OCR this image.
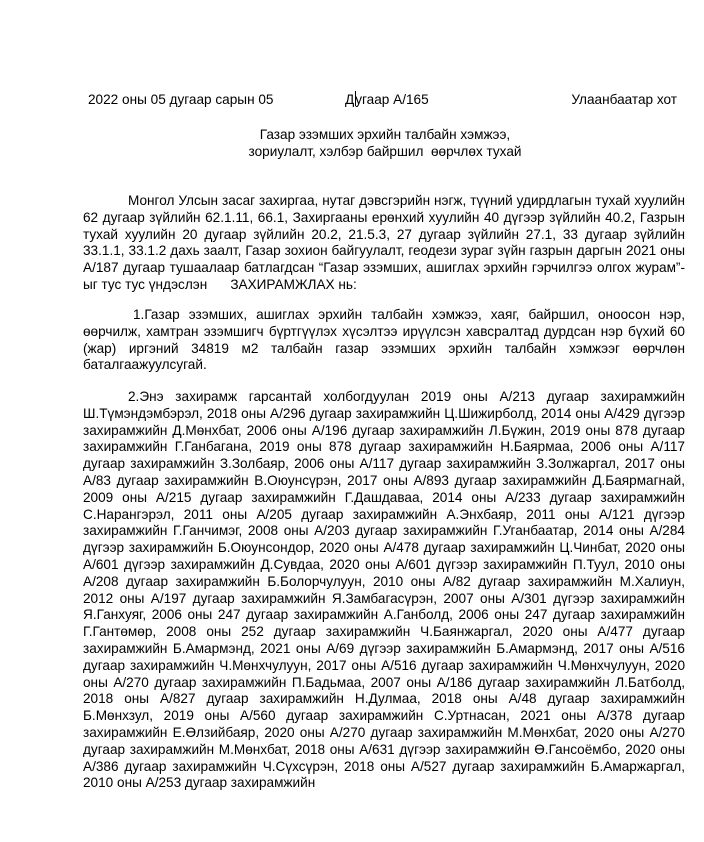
2022 оны 05 дугаар сарын 05	Дугаар А/165	Улаанбаатар хот
Газар эзэмших эрхийн талбайн хэмжээ,
зориулалт, хэлбэр байршил  өөрчлөх тухай

Монгол Улсын засаг захиргаа, нутаг дэвсгэрийн нэгж, түүний удирдлагын тухай хуулийн 62 дугаар зүйлийн 62.1.11, 66.1, Захиргааны ерөнхий хуулийн 40 дүгээр зүйлийн 40.2, Газрын тухай хуулийн 20 дугаар зүйлийн 20.2, 21.5.3, 27 дугаар зүйлийн 27.1, 33 дугаар зүйлийн 33.1.1, 33.1.2 дахь заалт, Газар зохион байгуулалт, геодези зураг зүйн газрын даргын 2021 оны А/187 дугаар тушаалаар батлагдсан “Газар эзэмших, ашиглах эрхийн гэрчилгээ олгох журам”-ыг тус тус үндэслэн ЗАХИРАМЖЛАХ нь:

1.Газар эзэмших, ашиглах эрхийн талбайн хэмжээ, хаяг, байршил, оноосон нэр, өөрчилж, хамтран эзэмшигч бүртгүүлэх хүсэлтээ ирүүлсэн хавсралтад дурдсан нэр бүхий 60 (жар) иргэний 34819 м2 талбайн газар эзэмших эрхийн талбайн хэмжээг өөрчлөн баталгаажуулсугай.

2.Энэ захирамж гарсантай холбогдуулан 2019 оны А/213 дугаар захирамжийн Ш.Түмэндэмбэрэл, 2018 оны А/296 дугаар захирамжийн Ц.Шижирболд, 2014 оны А/429 дүгээр захирамжийн Д.Мөнхбат, 2006 оны А/196 дугаар захирамжийн Л.Бүжин, 2019 оны 878 дугаар захирамжийн Г.Ганбагана, 2019 оны 878 дугаар захирамжийн Н.Баярмаа, 2006 оны А/117 дугаар захирамжийн З.Золбаяр, 2006 оны А/117 дугаар захирамжийн З.Золжаргал, 2017 оны А/83 дугаар захирамжийн В.Оюунсүрэн, 2017 оны А/893 дугаар захирамжийн Д.Баярмагнай, 2009 оны А/215 дугаар захирамжийн Г.Дашдаваа, 2014 оны А/233 дугаар захирамжийн С.Нарангэрэл, 2011 оны А/205 дугаар захирамжийн А.Энхбаяр, 2011 оны А/121 дүгээр захирамжийн Г.Ганчимэг, 2008 оны А/203 дугаар захирамжийн Г.Уганбаатар, 2014 оны А/284 дүгээр захирамжийн Б.Оюунсондор, 2020 оны А/478 дугаар захирамжийн Ц.Чинбат, 2020 оны А/601 дүгээр захирамжийн Д.Сувдаа, 2020 оны А/601 дүгээр захирамжийн П.Туул, 2010 оны А/208 дугаар захирамжийн Б.Болорчулуун, 2010 оны А/82 дугаар захирамжийн М.Халиун, 2012 оны А/197 дугаар захирамжийн Я.Замбагасүрэн, 2007 оны А/301 дүгээр захирамжийн Я.Ганхуяг, 2006 оны 247 дугаар захирамжийн А.Ганболд, 2006 оны 247 дугаар захирамжийн Г.Гантөмөр, 2008 оны 252 дугаар захирамжийн Ч.Баянжаргал, 2020 оны А/477 дугаар захирамжийн Б.Амармэнд, 2021 оны А/69 дүгээр захирамжийн Б.Амармэнд, 2017 оны А/516 дугаар захирамжийн Ч.Мөнхчулуун, 2017 оны А/516 дугаар захирамжийн Ч.Мөнхчулуун, 2020 оны А/270 дугаар захирамжийн П.Бадьмаа, 2007 оны А/186 дугаар захирамжийн Л.Батболд, 2018 оны А/827 дугаар захирамжийн Н.Дулмаа, 2018 оны А/48 дугаар захирамжийн Б.Мөнхзул, 2019 оны А/560 дугаар захирамжийн С.Уртнасан, 2021 оны А/378 дугаар захирамжийн Е.Өлзийбаяр, 2020 оны А/270 дугаар захирамжийн М.Мөнхбат, 2020 оны А/270 дугаар захирамжийн М.Мөнхбат, 2018 оны А/631 дүгээр захирамжийн Ө.Гансоёмбо, 2020 оны А/386 дугаар захирамжийн Ч.Сүхсүрэн, 2018 оны А/527 дугаар захирамжийн Б.Амаржаргал, 2010 оны А/253 дугаар захирамжийн
